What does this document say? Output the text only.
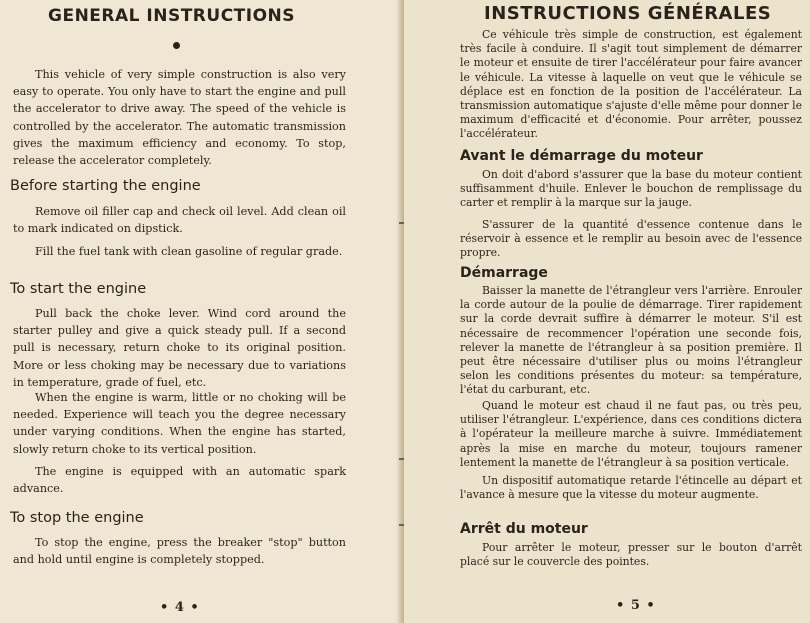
GENERAL INSTRUCTIONS

This vehicle of very simple construction is also very easy to operate. You only have to start the engine and pull the accelerator to drive away. The speed of the vehicle is controlled by the accelerator. The automatic transmission gives the maximum efficiency and economy. To stop, release the accelerator completely.

Before starting the engine

Remove oil filler cap and check oil level. Add clean oil to mark indicated on dipstick.

Fill the fuel tank with clean gasoline of regular grade.

To start the engine

Pull back the choke lever. Wind cord around the starter pulley and give a quick steady pull. If a second pull is necessary, return choke to its original position. More or less choking may be necessary due to variations in temperature, grade of fuel, etc.

When the engine is warm, little or no choking will be needed. Experience will teach you the degree necessary under varying conditions. When the engine has started, slowly return choke to its vertical position.

The engine is equipped with an automatic spark advance.

To stop the engine

To stop the engine, press the breaker "stop" button and hold until engine is completely stopped.

• 4 •
INSTRUCTIONS GÉNÉRALES

Ce véhicule très simple de construction, est également très facile à conduire. Il s'agit tout simplement de démarrer le moteur et ensuite de tirer l'accélérateur pour faire avancer le véhicule. La vitesse à laquelle on veut que le véhicule se déplace est en fonction de la position de l'accélérateur. La transmission automatique s'ajuste d'elle même pour donner le maximum d'efficacité et d'économie. Pour arrêter, poussez l'accélérateur.

Avant le démarrage du moteur

On doit d'abord s'assurer que la base du moteur contient suffisamment d'huile. Enlever le bouchon de remplissage du carter et remplir à la marque sur la jauge.

S'assurer de la quantité d'essence contenue dans le réservoir à essence et le remplir au besoin avec de l'essence propre.

Démarrage

Baisser la manette de l'étrangleur vers l'arrière. Enrouler la corde autour de la poulie de démarrage. Tirer rapidement sur la corde devrait suffire à démarrer le moteur. S'il est nécessaire de recommencer l'opération une seconde fois, relever la manette de l'étrangleur à sa position première. Il peut être nécessaire d'utiliser plus ou moins l'étrangleur selon les conditions présentes du moteur: sa température, l'état du carburant, etc.

Quand le moteur est chaud il ne faut pas, ou très peu, utiliser l'étrangleur. L'expérience, dans ces conditions dictera à l'opérateur la meilleure marche à suivre. Immédiatement après la mise en marche du moteur, toujours ramener lentement la manette de l'étrangleur à sa position verticale.

Un dispositif automatique retarde l'étincelle au départ et l'avance à mesure que la vitesse du moteur augmente.

Arrêt du moteur

Pour arrêter le moteur, presser sur le bouton d'arrêt placé sur le couvercle des pointes.

• 5 •
